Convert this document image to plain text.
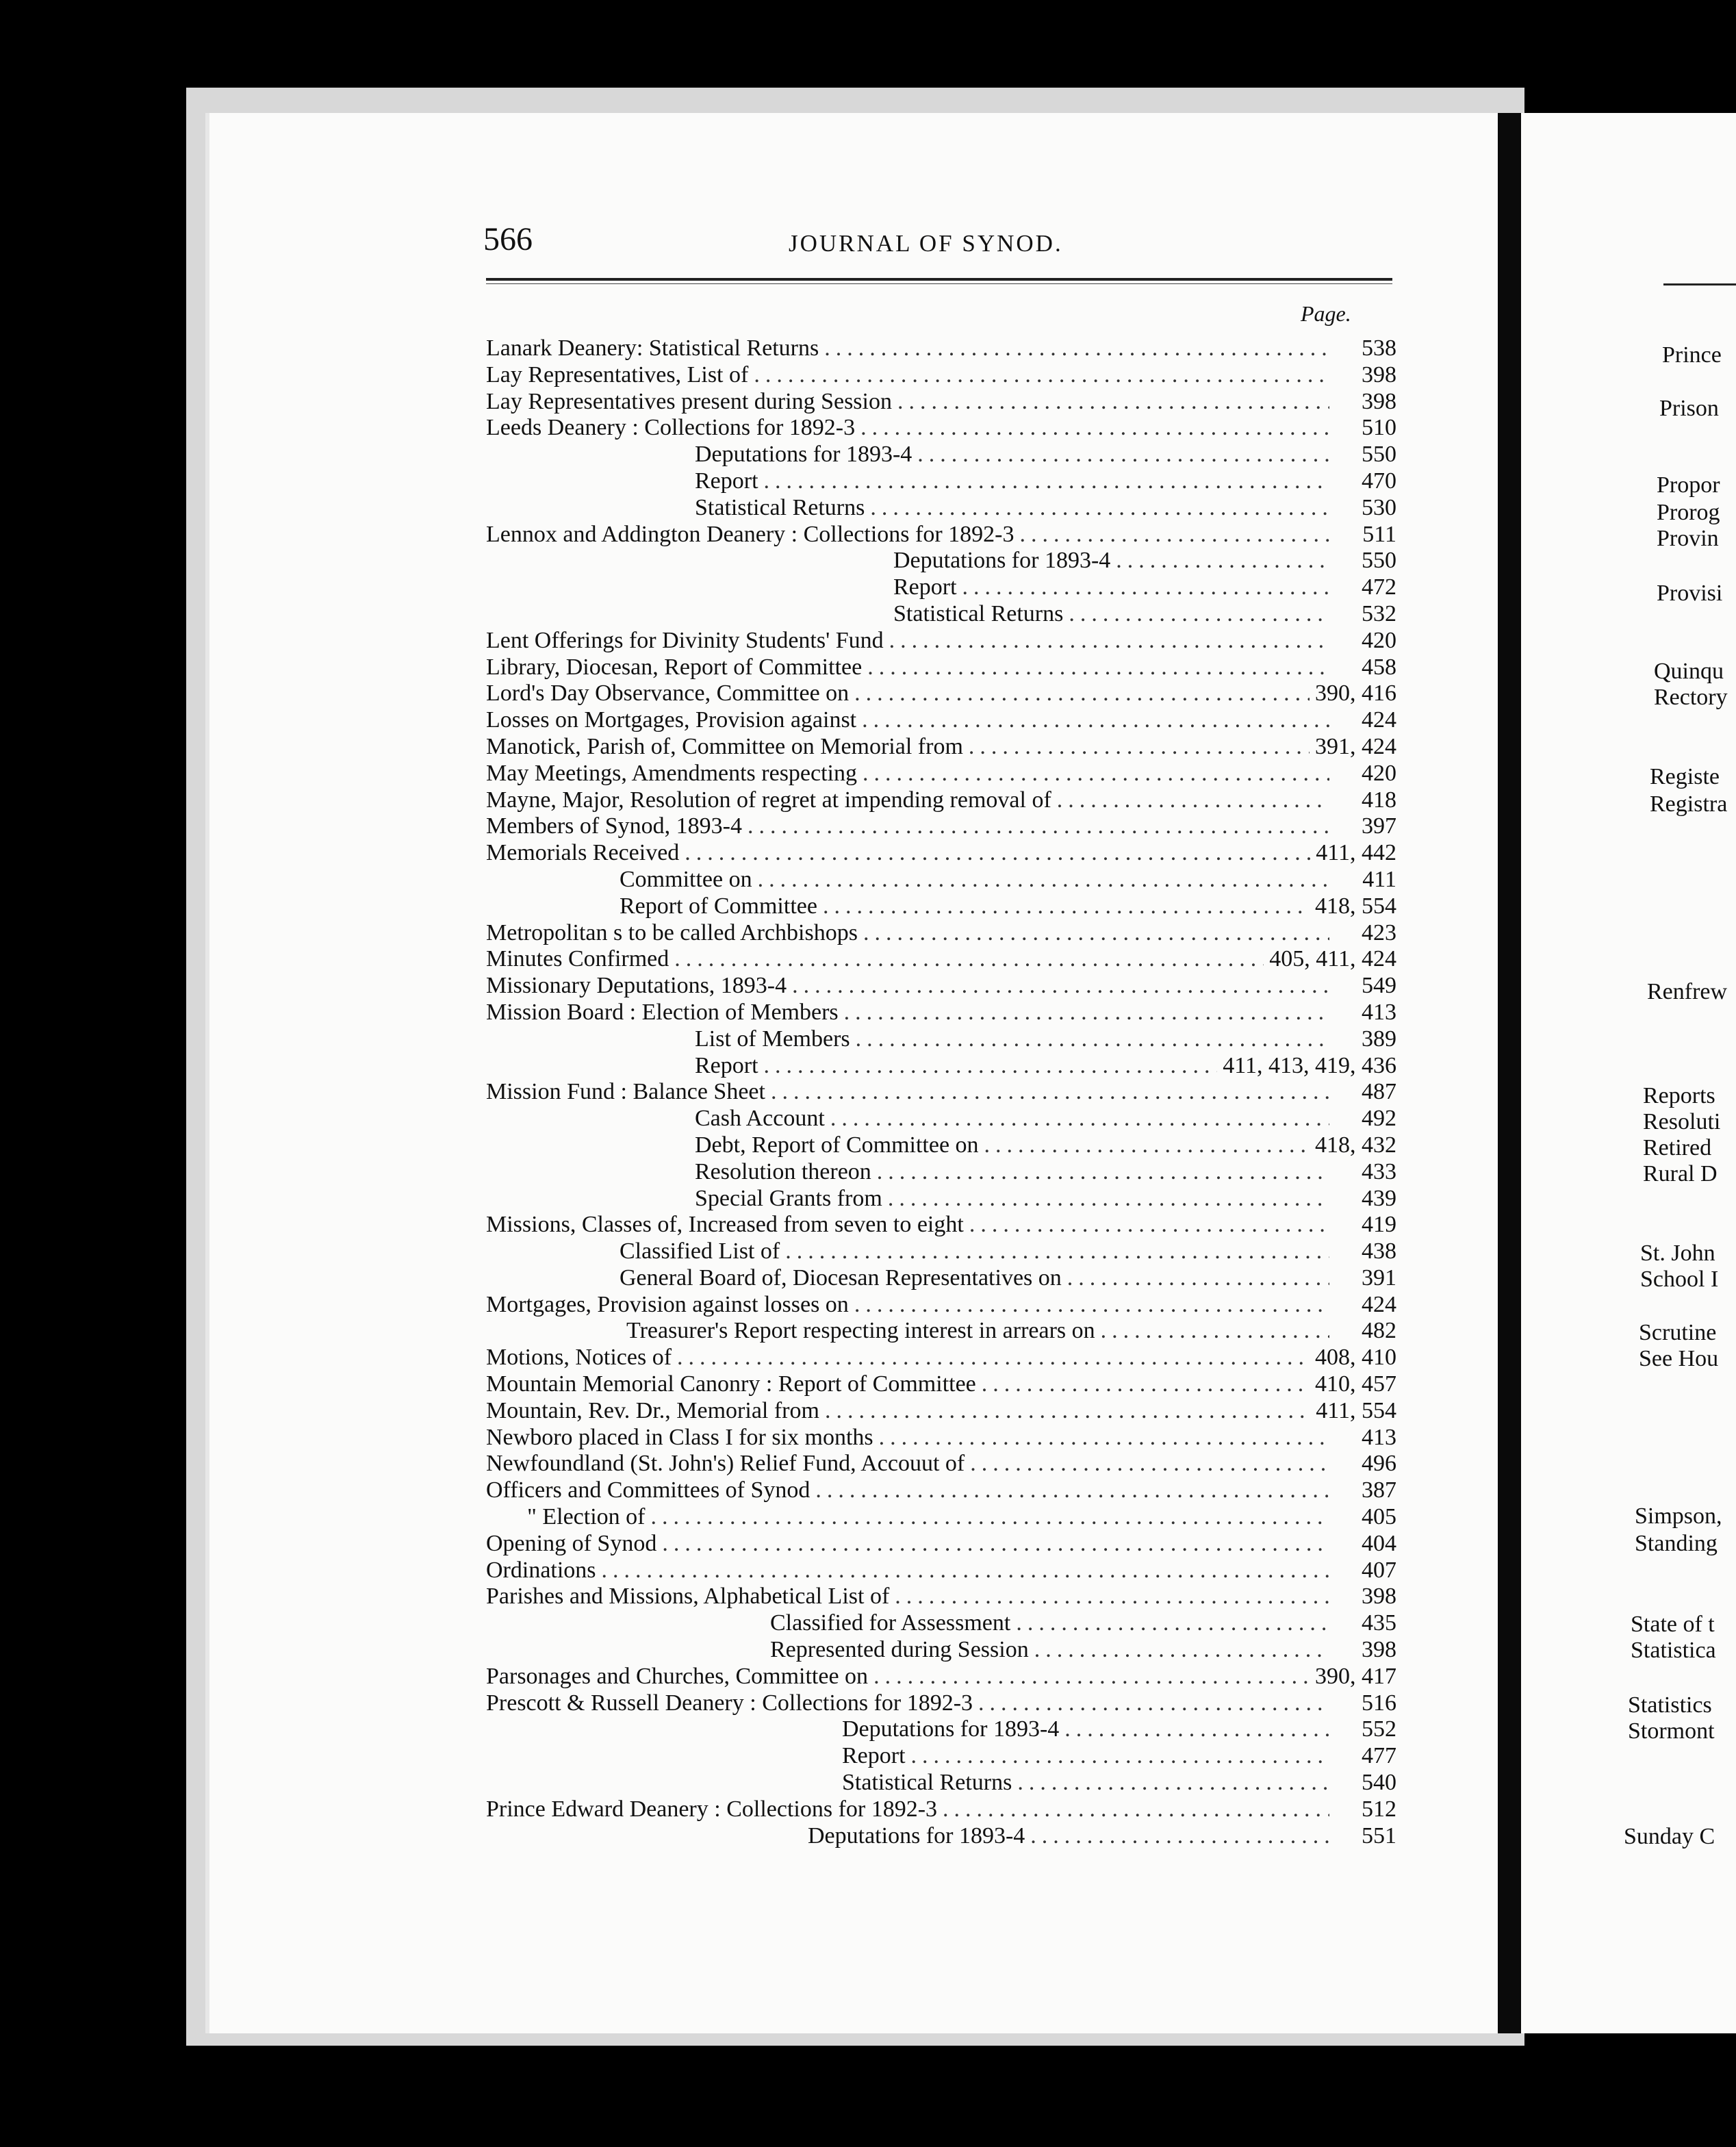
566	JOURNAL OF SYNOD.
Page.
Lanark Deanery: Statistical Returns .....	538
Lay Representatives, List of .....	398
Lay Representatives present during Session .....	398
Leeds Deanery : Collections for 1892-3 .....	510
Deputations for 1893-4 .....	550
Report .....	470
Statistical Returns .....	530
Lennox and Addington Deanery : Collections for 1892-3 .....	511
Deputations for 1893-4 .....	550
Report .....	472
Statistical Returns .....	532
Lent Offerings for Divinity Students' Fund .....	420
Library, Diocesan, Report of Committee .....	458
Lord's Day Observance, Committee on .....	390, 416
Losses on Mortgages, Provision against .....	424
Manotick, Parish of, Committee on Memorial from .....	391, 424
May Meetings, Amendments respecting .....	420
Mayne, Major, Resolution of regret at impending removal of .....	418
Members of Synod, 1893-4 .....	397
Memorials Received .....	411, 442
Committee on .....	411
Report of Committee .....	418, 554
Metropolitan s to be called Archbishops .....	423
Minutes Confirmed .....	405, 411, 424
Missionary Deputations, 1893-4 .....	549
Mission Board : Election of Members .....	413
List of Members .....	389
Report .....	411, 413, 419, 436
Mission Fund : Balance Sheet .....	487
Cash Account .....	492
Debt, Report of Committee on .....	418, 432
Resolution thereon .....	433
Special Grants from .....	439
Missions, Classes of, Increased from seven to eight .....	419
Classified List of .....	438
General Board of, Diocesan Representatives on .....	391
Mortgages, Provision against losses on .....	424
Treasurer's Report respecting interest in arrears on .....	482
Motions, Notices of .....	408, 410
Mountain Memorial Canonry : Report of Committee .....	410, 457
Mountain, Rev. Dr., Memorial from .....	411, 554
Newboro placed in Class I for six months .....	413
Newfoundland (St. John's) Relief Fund, Accouut of .....	496
Officers and Committees of Synod .....	387
" Election of .....	405
Opening of Synod .....	404
Ordinations .....	407
Parishes and Missions, Alphabetical List of .....	398
Classified for Assessment .....	435
Represented during Session .....	398
Parsonages and Churches, Committee on .....	390, 417
Prescott & Russell Deanery : Collections for 1892-3 .....	516
Deputations for 1893-4 .....	552
Report .....	477
Statistical Returns .....	540
Prince Edward Deanery : Collections for 1892-3 .....	512
Deputations for 1893-4 .....	551
Prince
Prison
Propor
Prorog
Provin
Provisi
Quinqu
Rectory
Registe
Registra
Renfrew
Reports
Resoluti
Retired
Rural D
St. John
School I
Scrutine
See Hou
Simpson,
Standing
State of t
Statistica
Statistics
Stormont
Sunday C
